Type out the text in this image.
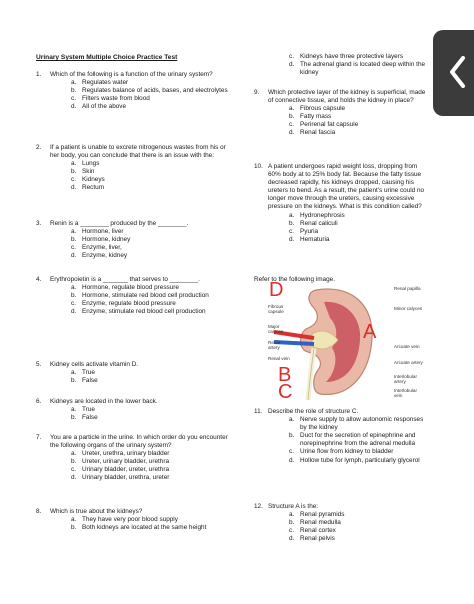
Urinary System Multiple Choice Practice Test
1. Which of the following is a function of the urinary system?
a. Regulates water
b. Regulates balance of acids, bases, and electrolytes
c. Filters waste from blood
d. All of the above
2. If a patient is unable to excrete nitrogenous wastes from his or her body, you can conclude that there is an issue with the:
a. Lungs
b. Skin
c. Kidneys
d. Rectum
3. Renin is a ________ produced by the ________.
a. Hormone, liver
b. Hormone, kidney
c. Enzyme, liver,
d. Enzyme, kidney
4. Erythropoietin is a _______ that serves to ________.
a. Hormone, regulate blood pressure
b. Hormone, stimulate red blood cell production
c. Enzyme, regulate blood pressure
d. Enzyme, stimulate red blood cell production
5. Kidney cells activate vitamin D.
a. True
b. False
6. Kidneys are located in the lower back.
a. True
b. False
7. You are a particle in the urine. In which order do you encounter the following organs of the urinary system?
a. Ureter, urethra, urinary bladder
b. Ureter, urinary bladder, urethra
c. Urinary bladder, ureter, urethra
d. Urinary bladder, urethra, ureter
8. Which is true about the kidneys?
a. They have very poor blood supply
b. Both kidneys are located at the same height
c. Kidneys have three protective layers
d. The adrenal gland is located deep within the kidney
9. Which protective layer of the kidney is superficial, made of connective tissue, and holds the kidney in place?
a. Fibrous capsule
b. Fatty mass
c. Perirenal fat capsule
d. Renal fascia
10. A patient undergoes rapid weight loss, dropping from 60% body at to 25% body fat. Because the fatty tissue decreased rapidly, his kidneys dropped, causing his ureters to bend. As a result, the patient's urine could no longer move through the ureters, causing excessive pressure on the kidneys. What is this condition called?
a. Hydronephrosis
b. Renal caliculi
c. Pyuria
d. Hematuria
11. Describe the role of structure C.
a. Nerve supply to allow autonomic responses by the kidney
b. Duct for the secretion of epinephrine and norepinephrine from the adrenal medulla
c. Urine flow from kidney to bladder
d. Hollow tube for lymph, particularly glycerol
12. Structure A is the:
a. Renal pyramids
b. Renal medulla
c. Renal cortex
d. Renal pelvis
Refer to the following image.
D
A
B
C
Fibrous capsule
Major calyces
Renal artery
Renal vein
Renal papilla
Minor calyces
Arcuate vein
Arcuate artery
Interlobular artery
Interlobular vein
